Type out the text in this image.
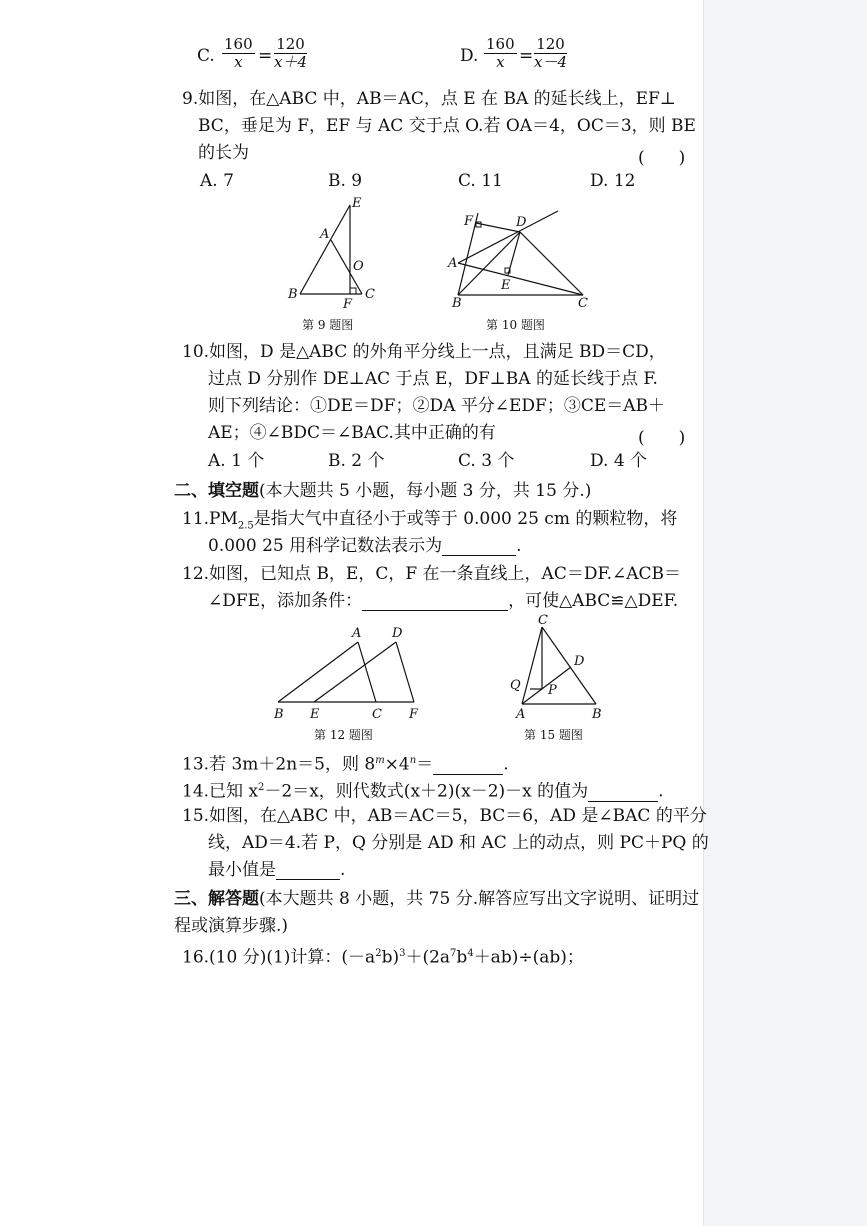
C. $\frac{160}{x} = \frac{120}{x+4}$	D. $\frac{160}{x}$ =
$\frac{120}{x-4}$
9.如图，在△ABC 中，AB＝AC，点 E 在 BA 的延长线上，EF⊥
BC，垂足为 F，EF 与 AC 交于点 O.若 OA＝4，OC＝3，则 BE
的长为	(　　)
A. 7	B. 9	C. 11	D. 12
E
A
O
B
F
C
第 9 题图
F	D
A
E
B	C
第 10 题图
10.如图，D 是△ABC 的外角平分线上一点，且满足 BD＝CD，
过点 D 分别作 DE⊥AC 于点 E，DF⊥BA 的延长线于点 F.
则下列结论：①DE＝DF；②DA 平分∠EDF；③CE＝AB＋
AE；④∠BDC＝∠BAC.其中正确的有	(　　)
A. 1 个	B. 2 个	C. 3 个	D. 4 个
二、填空题(本大题共 5 小题，每小题 3 分，共 15 分.)
$11.PM_{2.5}$是指大气中直径小于或等于 0.000 25 cm 的颗粒物，将
0.000 25 用科学记数法表示为	.
12.如图，已知点 B，E，C，F 在一条直线上，AC＝DF.∠ACB＝
∠DFE，添加条件：	，可使△ABC≌△DEF.
A D
B E	C F
第 12 题图
C
D
Q P
A	B
第 15 题图
13.若 3m＋2n＝5，则 $8^m\times 4^n=$	.
14.已知 $x^2-2=x$，则代数式(x＋2)(x－2)－x 的值为	.
15.如图，在△ABC 中，AB＝AC＝5，BC＝6，AD 是∠BAC 的平分
线，AD＝4.若 P，Q 分别是 AD 和 AC 上的动点，则 PC＋PQ 的
最小值是	.
三、解答题(本大题共 8 小题，共 75 分.解答应写出文字说明、证明过
程或演算步骤.)
16.(10 分)(1)计算：$(-a^2b)^3+(2a^7b^4+ab)\div(ab)$；
